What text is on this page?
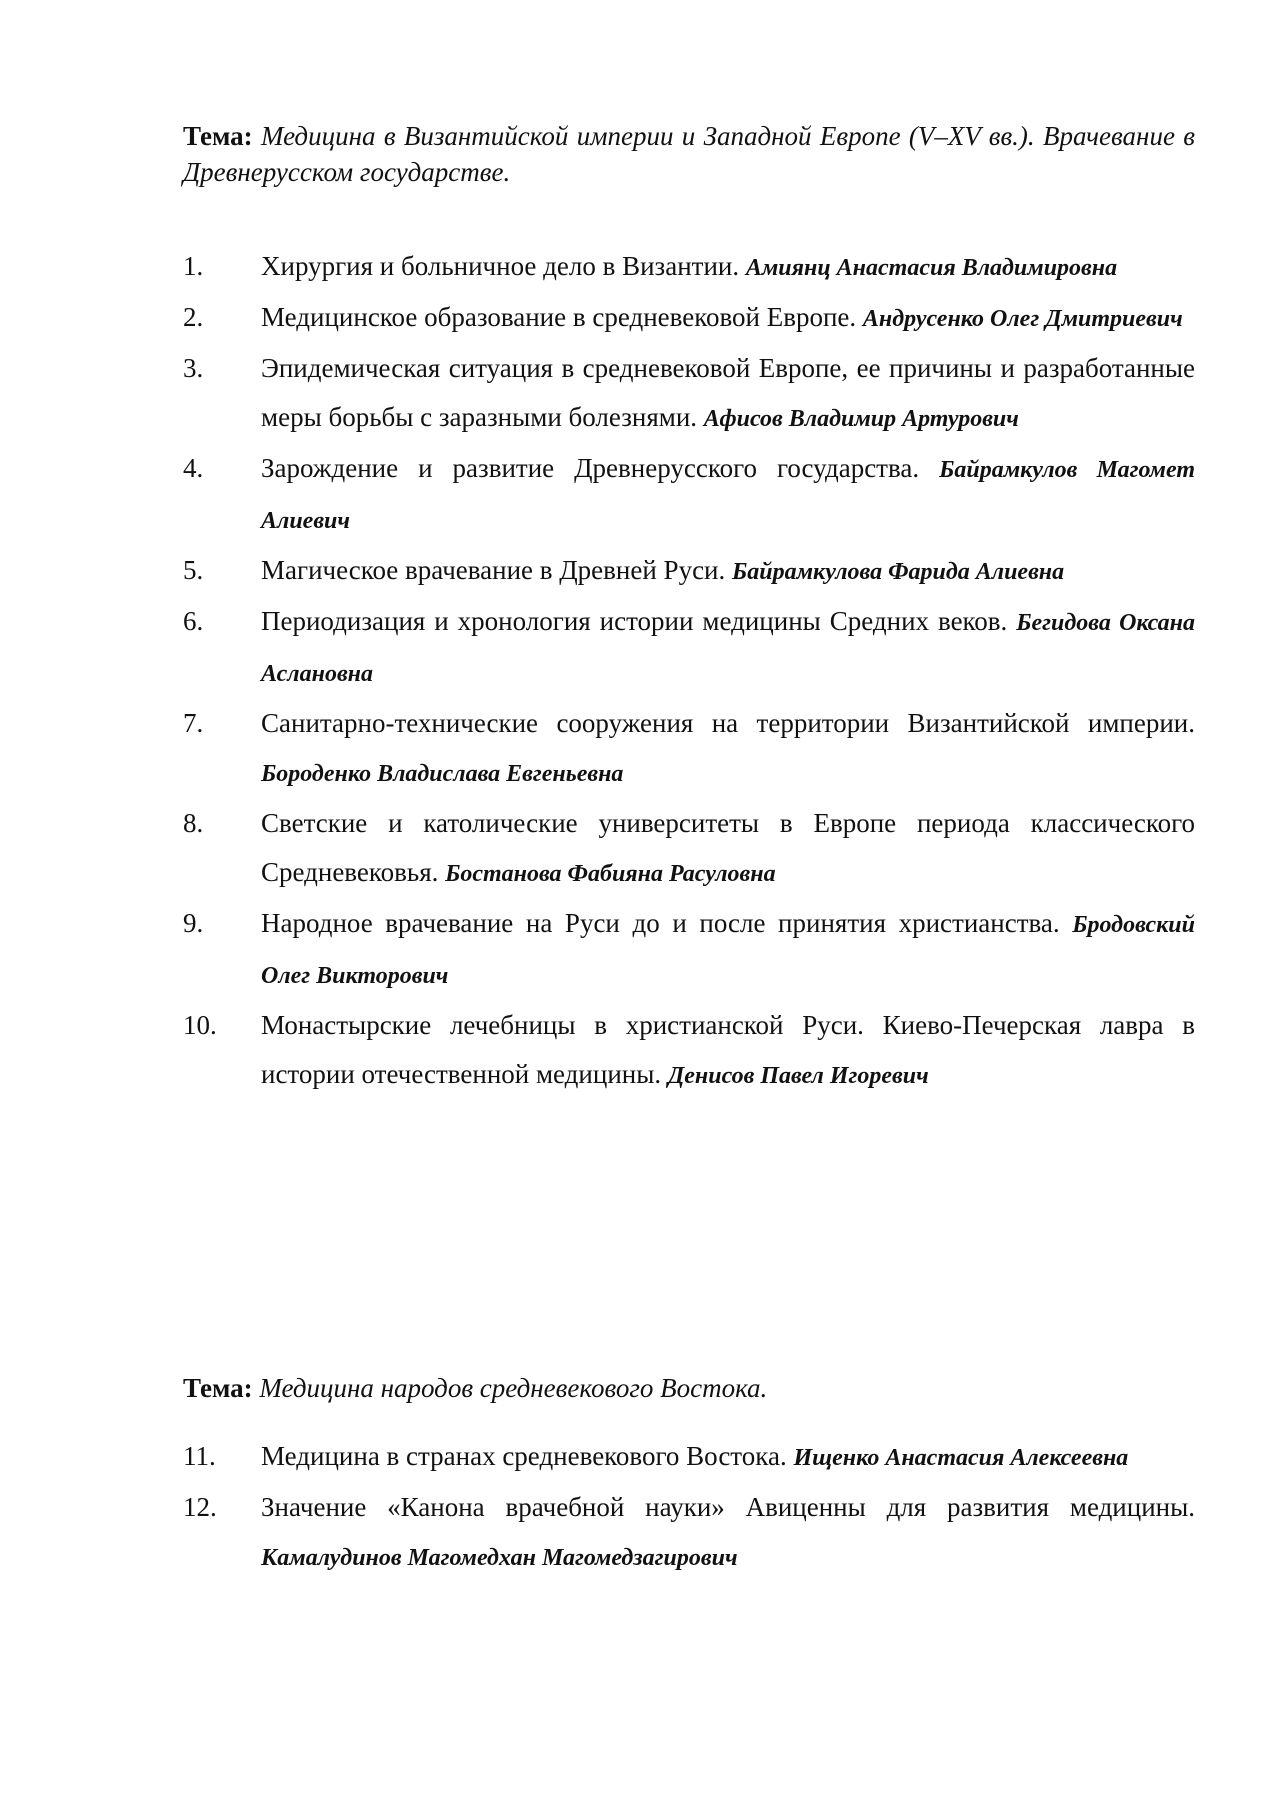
Тема: Медицина в Византийской империи и Западной Европе (V–XV вв.). Врачевание в Древнерусском государстве.

1.	Хирургия и больничное дело в Византии. Амиянц Анастасия Владимировна
2.	Медицинское образование в средневековой Европе. Андрусенко Олег Дмитриевич
3.	Эпидемическая ситуация в средневековой Европе, ее причины и разработанные меры борьбы с заразными болезнями. Афисов Владимир Артурович
4.	Зарождение и развитие Древнерусского государства. Байрамкулов Магомет Алиевич
5.	Магическое врачевание в Древней Руси. Байрамкулова Фарида Алиевна
6.	Периодизация и хронология истории медицины Средних веков. Бегидова Оксана Аслановна
7.	Санитарно-технические сооружения на территории Византийской империи. Бороденко Владислава Евгеньевна
8.	Светские и католические университеты в Европе периода классического Средневековья. Бостанова Фабияна Расуловна
9.	Народное врачевание на Руси до и после принятия христианства. Бродовский Олег Викторович
10.	Монастырские лечебницы в христианской Руси. Киево-Печерская лавра в истории отечественной медицины. Денисов Павел Игоревич

Тема: Медицина народов средневекового Востока.

11.	Медицина в странах средневекового Востока. Ищенко Анастасия Алексеевна
12.	Значение «Канона врачебной науки» Авиценны для развития медицины. Камалудинов Магомедхан Магомедзагирович
